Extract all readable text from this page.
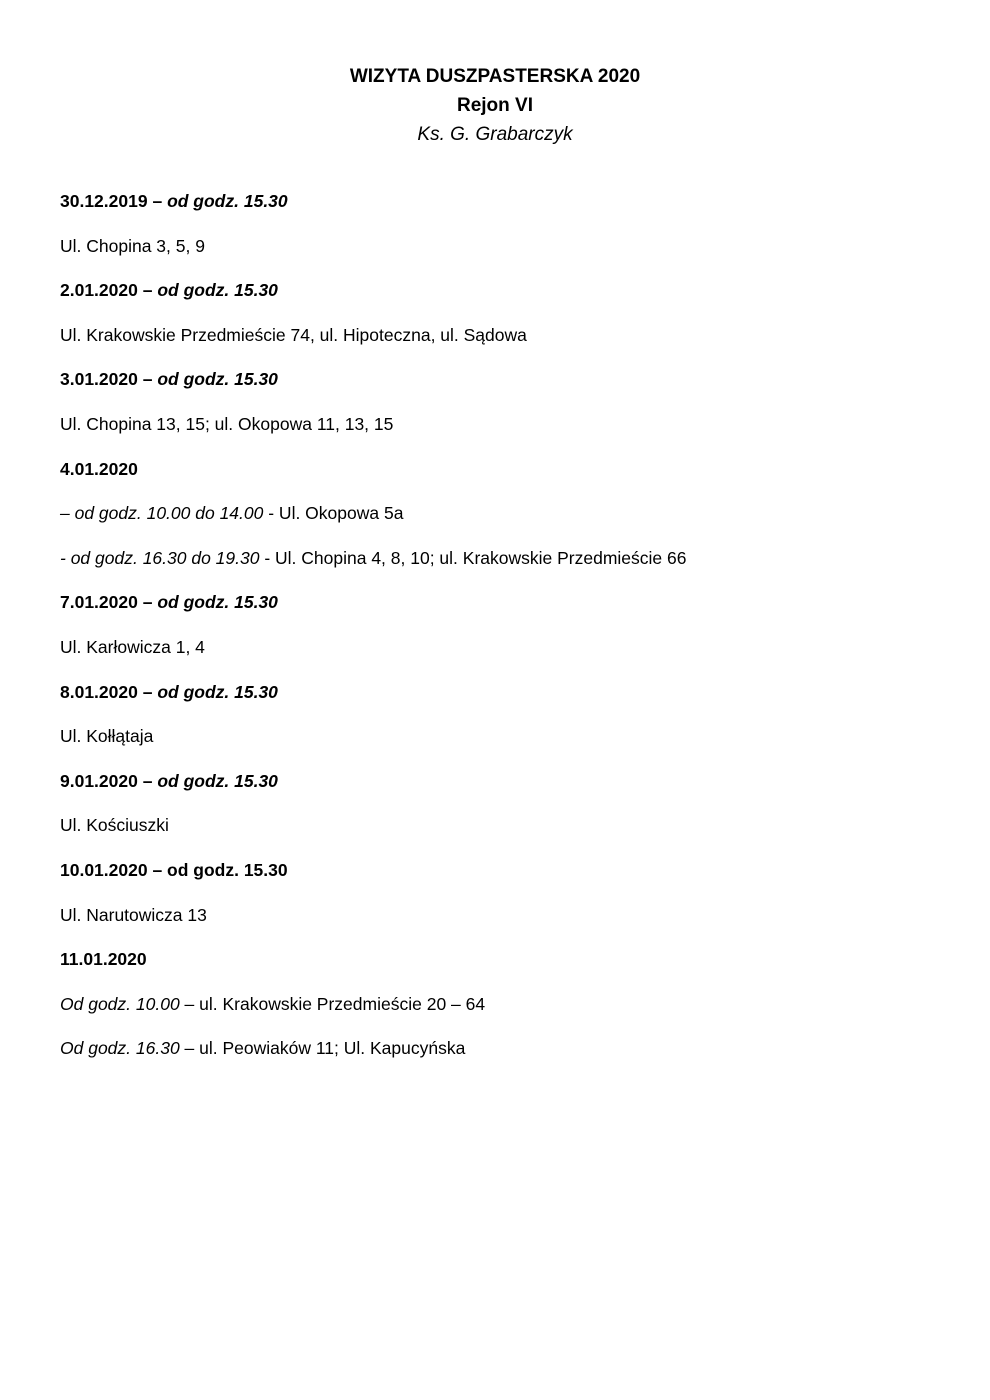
WIZYTA DUSZPASTERSKA 2020
Rejon VI
Ks. G. Grabarczyk
30.12.2019 – od godz. 15.30
Ul. Chopina 3, 5, 9
2.01.2020 – od godz. 15.30
Ul. Krakowskie Przedmieście 74, ul. Hipoteczna, ul. Sądowa
3.01.2020 – od godz. 15.30
Ul. Chopina 13, 15; ul. Okopowa 11, 13, 15
4.01.2020
– od godz. 10.00 do 14.00 - Ul. Okopowa 5a
- od godz. 16.30 do 19.30 - Ul. Chopina 4, 8, 10; ul. Krakowskie Przedmieście 66
7.01.2020 – od godz. 15.30
Ul. Karłowicza 1, 4
8.01.2020 – od godz. 15.30
Ul. Kołłątaja
9.01.2020 – od godz. 15.30
Ul. Kościuszki
10.01.2020 – od godz. 15.30
Ul. Narutowicza 13
11.01.2020
Od godz. 10.00 – ul. Krakowskie Przedmieście 20 – 64
Od godz. 16.30 – ul. Peowiaków 11; Ul. Kapucyńska
